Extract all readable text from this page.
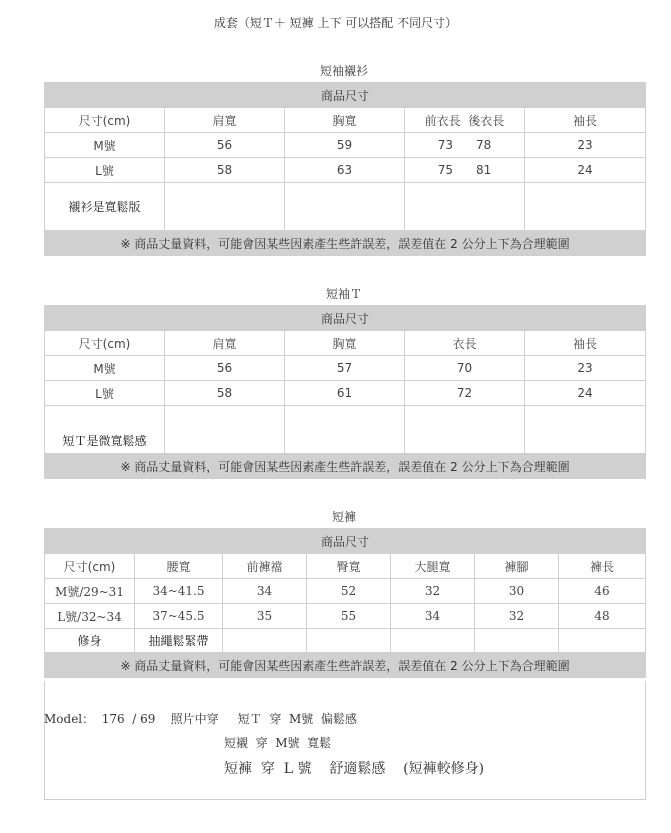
成套（短Ｔ＋ 短褲 上下 可以搭配 不同尺寸）
短袖襯衫
商品尺寸				
尺寸(cm)	肩寬	胸寬	前衣長  後衣長	袖長
M號	56	59	73      78	23
L號	58	63	75      81	24
襯衫是寬鬆版				
※ 商品丈量資料，可能會因某些因素產生些許誤差，誤差值在 2 公分上下為合理範圍				
短袖Ｔ
商品尺寸				
尺寸(cm)	肩寬	胸寬	衣長	袖長
M號	56	57	70	23
L號	58	61	72	24
短Ｔ是微寬鬆感				
※ 商品丈量資料，可能會因某些因素產生些許誤差，誤差值在 2 公分上下為合理範圍				
短褲
商品尺寸						
尺寸(cm)	腰寬	前褲襠	臀寬	大腿寬	褲腳	褲長
M號/29~31	34~41.5	34	52	32	30	46
L號/32~34	37~45.5	35	55	34	32	48
修身	抽繩鬆緊帶					
※ 商品丈量資料，可能會因某些因素產生些許誤差，誤差值在 2 公分上下為合理範圍						
Model：  176  / 69    照片中穿     短Ｔ  穿  M號  偏鬆感
短襯  穿  M號  寬鬆
短褲  穿  L 號    舒適鬆感    (短褲較修身)
